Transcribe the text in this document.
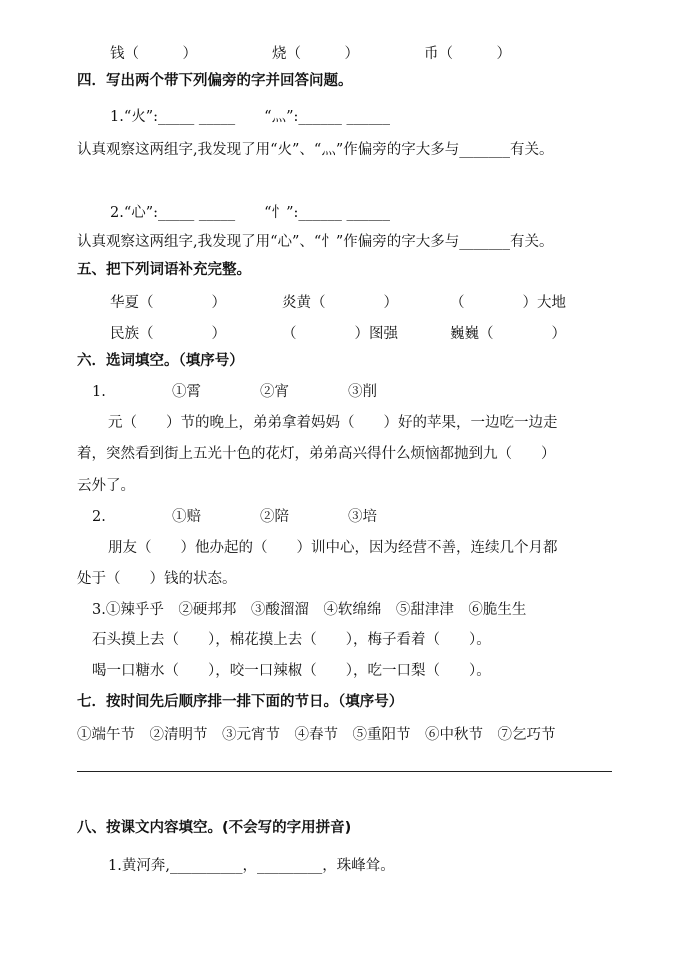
钱（　　　）	烧（　　　）	币（　　　）
四．写出两个带下列偏旁的字并回答问题。
1.“火”:_____ _____　　“灬”:______ ______
认真观察这两组字,我发现了用“火”、“灬”作偏旁的字大多与_______有关。
2.“心”:_____ _____　　“忄”:______ ______
认真观察这两组字,我发现了用“心”、“忄”作偏旁的字大多与_______有关。
五、把下列词语补充完整。
华夏（　　　　）	炎黄（　　　　）	（　　　　）大地
民族（　　　　）	（　　　　）图强	巍巍（　　　　）
六．选词填空。（填序号）
1.	①霄	②宵	③削
元（　　）节的晚上，弟弟拿着妈妈（　　）好的苹果，一边吃一边走
着，突然看到街上五光十色的花灯，弟弟高兴得什么烦恼都抛到九（　　）
云外了。
2.	①赔	②陪	③培
朋友（　　）他办起的（　　）训中心，因为经营不善，连续几个月都
处于（　　）钱的状态。
3.①辣乎乎　②硬邦邦　③酸溜溜　④软绵绵　⑤甜津津　⑥脆生生
石头摸上去（　　），棉花摸上去（　　），梅子看着（　　）。
喝一口糖水（　　），咬一口辣椒（　　），吃一口梨（　　）。
七．按时间先后顺序排一排下面的节日。（填序号）
①端午节　②清明节　③元宵节　④春节　⑤重阳节　⑥中秋节　⑦乞巧节
八、按课文内容填空。(不会写的字用拼音)
1.黄河奔,__________，_________，珠峰耸。
